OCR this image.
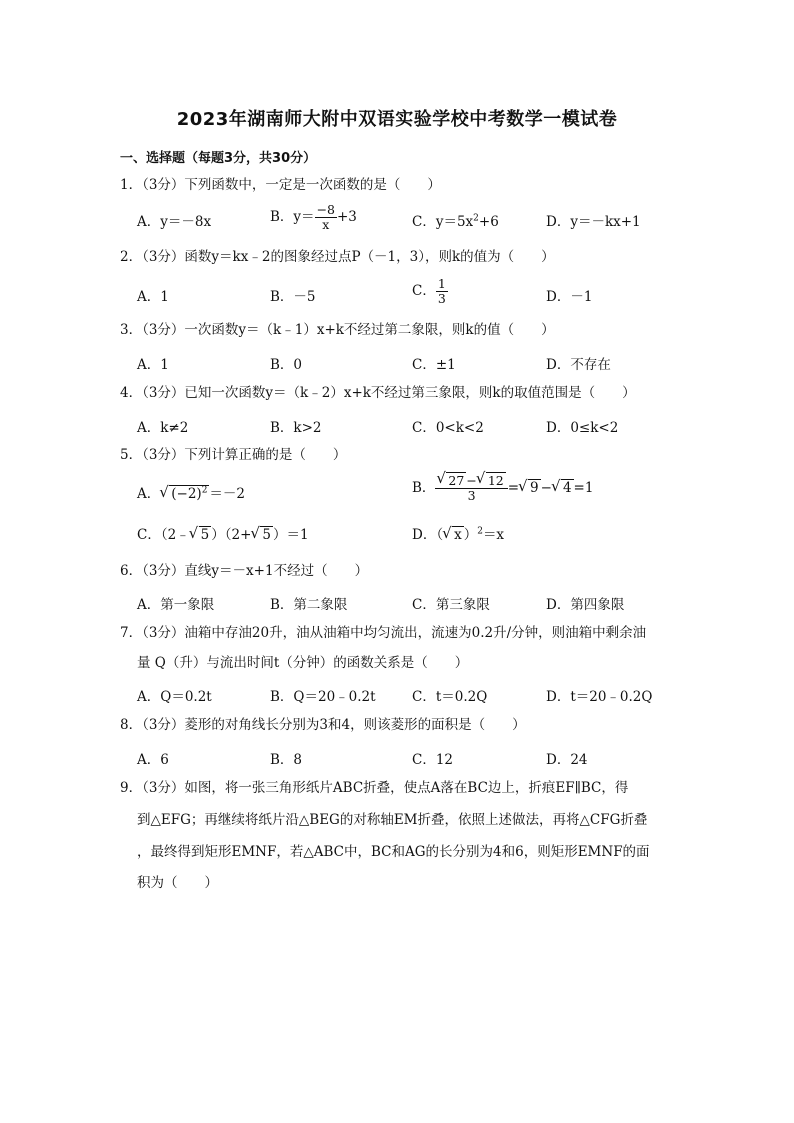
2023年湖南师大附中双语实验学校中考数学一模试卷
一、选择题（每题3分，共30分）
1．（3分）下列函数中，一定是一次函数的是（　　）
A．y＝－8x	B．$y= \frac{-8}{x} +3$	C．$y=5x^2+6$	D．y＝－kx+1
2．（3分）函数y＝kx﹣2的图象经过点P（－1，3），则k的值为（　　）
A．1	B．－5	C． $\frac{1}{3}$	D．－1
3．（3分）一次函数y＝（k﹣1）x+k不经过第二象限，则k的值（　　）
A．1	B．0	C．±1	D．不存在
4．（3分）已知一次函数y＝（k﹣2）x+k不经过第三象限，则k的取值范围是（　　）
A．k≠2	B．k>2	C．0<k<2	D．0≤k<2
5．（3分）下列计算正确的是（　　）
A． √ $(-2)^2 =-2$	B． √ $\frac{27 - √ 12}{3}$ = √ 9 − √ 4 =1
C．（2﹣ √ 5 ）（2+ √ 5 ）＝1	D．（ √ x ）$^2$＝x
6．（3分）直线y＝－x+1不经过（　　）
A．第一象限	B．第二象限	C．第三象限	D．第四象限
7．（3分）油箱中存油20升，油从油箱中均匀流出，流速为0.2升/分钟，则油箱中剩余油
量 Q（升）与流出时间t（分钟）的函数关系是（　　）
A．Q＝0.2t	B．Q＝20﹣0.2t	C．t＝0.2Q	D．t＝20﹣0.2Q
8．（3分）菱形的对角线长分别为3和4，则该菱形的面积是（　　）
A．6	B．8	C．12	D．24
9．（3分）如图，将一张三角形纸片ABC折叠，使点A落在BC边上，折痕EF∥BC，得
到△EFG；再继续将纸片沿△BEG的对称轴EM折叠，依照上述做法，再将△CFG折叠
，最终得到矩形EMNF，若△ABC中，BC和AG的长分别为4和6，则矩形EMNF的面
积为（　　）
